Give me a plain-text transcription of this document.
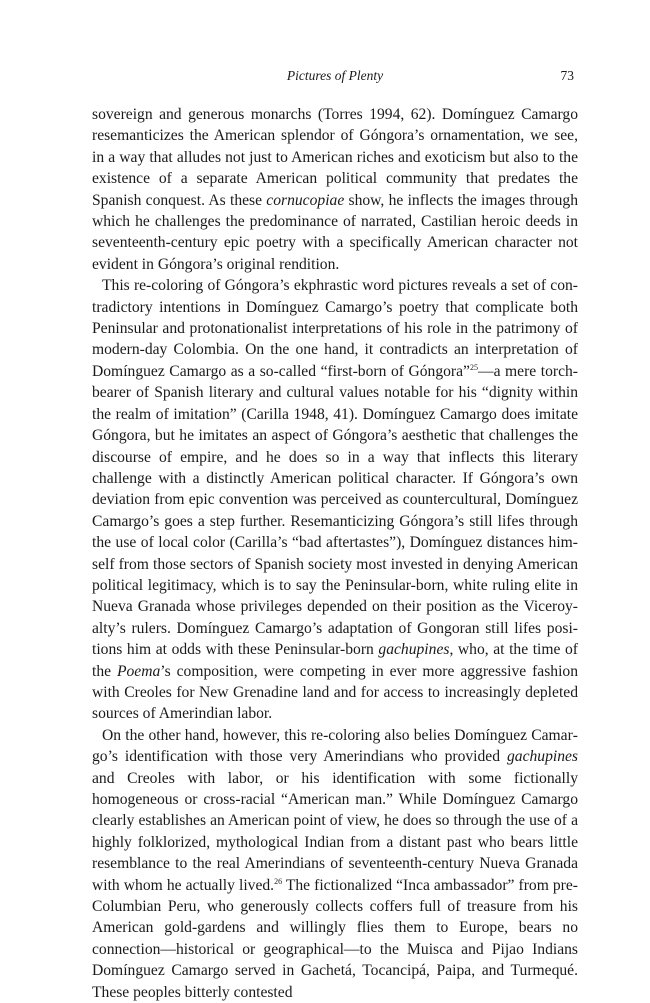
Pictures of Plenty	73

sovereign and generous monarchs (Torres 1994, 62). Domínguez Camargo resemanticizes the American splendor of Góngora’s ornamentation, we see, in a way that alludes not just to American riches and exoticism but also to the existence of a separate American political community that predates the Spanish conquest. As these cornucopiae show, he inflects the images through which he challenges the predominance of narrated, Castilian heroic deeds in seventeenth-century epic poetry with a specifically American character not evident in Góngora’s original rendition.

This re-coloring of Góngora’s ekphrastic word pictures reveals a set of contradictory intentions in Domínguez Camargo’s poetry that complicate both Peninsular and protonationalist interpretations of his role in the patrimony of modern-day Colombia. On the one hand, it contradicts an interpretation of Domínguez Camargo as a so-called “first-born of Góngora”$^{25}$—a mere torchbearer of Spanish literary and cultural values notable for his “dignity within the realm of imitation” (Carilla 1948, 41). Domínguez Camargo does imitate Góngora, but he imitates an aspect of Góngora’s aesthetic that challenges the discourse of empire, and he does so in a way that inflects this literary challenge with a distinctly American political character. If Góngora’s own deviation from epic convention was perceived as countercultural, Domínguez Camargo’s goes a step further. Resemanticizing Góngora’s still lifes through the use of local color (Carilla’s “bad aftertastes”), Domínguez distances himself from those sectors of Spanish society most invested in denying American political legitimacy, which is to say the Peninsular-born, white ruling elite in Nueva Granada whose privileges depended on their position as the Viceroyalty’s rulers. Domínguez Camargo’s adaptation of Gongoran still lifes positions him at odds with these Peninsular-born gachupines, who, at the time of the Poema’s composition, were competing in ever more aggressive fashion with Creoles for New Grenadine land and for access to increasingly depleted sources of Amerindian labor.

On the other hand, however, this re-coloring also belies Domínguez Camargo’s identification with those very Amerindians who provided gachupines and Creoles with labor, or his identification with some fictionally homogeneous or cross-racial “American man.” While Domínguez Camargo clearly establishes an American point of view, he does so through the use of a highly folklorized, mythological Indian from a distant past who bears little resemblance to the real Amerindians of seventeenth-century Nueva Granada with whom he actually lived.$^{26}$ The fictionalized “Inca ambassador” from pre-Columbian Peru, who generously collects coffers full of treasure from his American gold-gardens and willingly flies them to Europe, bears no connection—historical or geographical—to the Muisca and Pijao Indians Domínguez Camargo served in Gachetá, Tocancipá, Paipa, and Turmequé. These peoples bitterly contested
